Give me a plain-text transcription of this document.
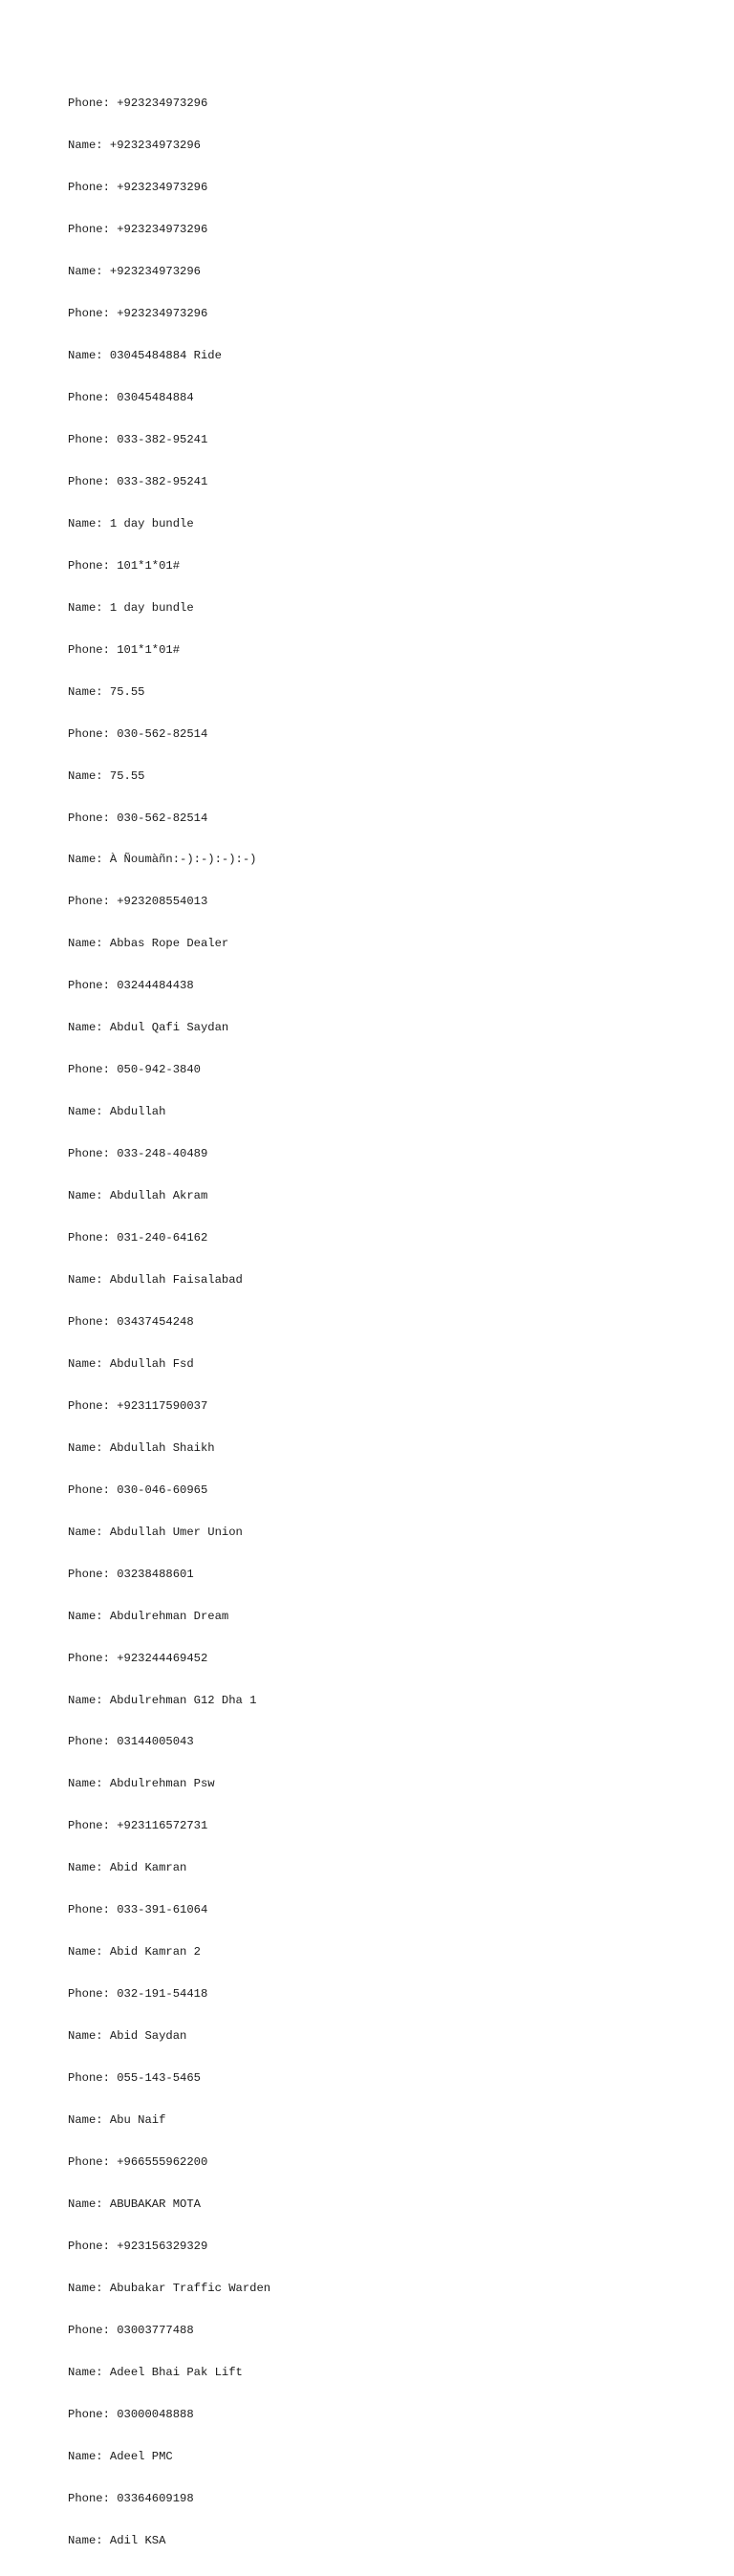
Phone: +923234973296

Name: +923234973296

Phone: +923234973296

Phone: +923234973296

Name: +923234973296

Phone: +923234973296

Name: 03045484884 Ride

Phone: 03045484884

Phone: 033-382-95241

Phone: 033-382-95241

Name: 1 day bundle

Phone: 101*1*01#

Name: 1 day bundle

Phone: 101*1*01#

Name: 75.55

Phone: 030-562-82514

Name: 75.55

Phone: 030-562-82514

Name: À Ñoumàñn:-):-):-):-)

Phone: +923208554013

Name: Abbas Rope Dealer

Phone: 03244484438

Name: Abdul Qafi Saydan

Phone: 050-942-3840

Name: Abdullah

Phone: 033-248-40489

Name: Abdullah Akram

Phone: 031-240-64162

Name: Abdullah Faisalabad

Phone: 03437454248

Name: Abdullah Fsd

Phone: +923117590037

Name: Abdullah Shaikh

Phone: 030-046-60965

Name: Abdullah Umer Union

Phone: 03238488601

Name: Abdulrehman Dream

Phone: +923244469452

Name: Abdulrehman G12 Dha 1

Phone: 03144005043

Name: Abdulrehman Psw

Phone: +923116572731

Name: Abid Kamran

Phone: 033-391-61064

Name: Abid Kamran 2

Phone: 032-191-54418

Name: Abid Saydan

Phone: 055-143-5465

Name: Abu Naif

Phone: +966555962200

Name: ABUBAKAR MOTA

Phone: +923156329329

Name: Abubakar Traffic Warden

Phone: 03003777488

Name: Adeel Bhai Pak Lift

Phone: 03000048888

Name: Adeel PMC

Phone: 03364609198

Name: Adil KSA
